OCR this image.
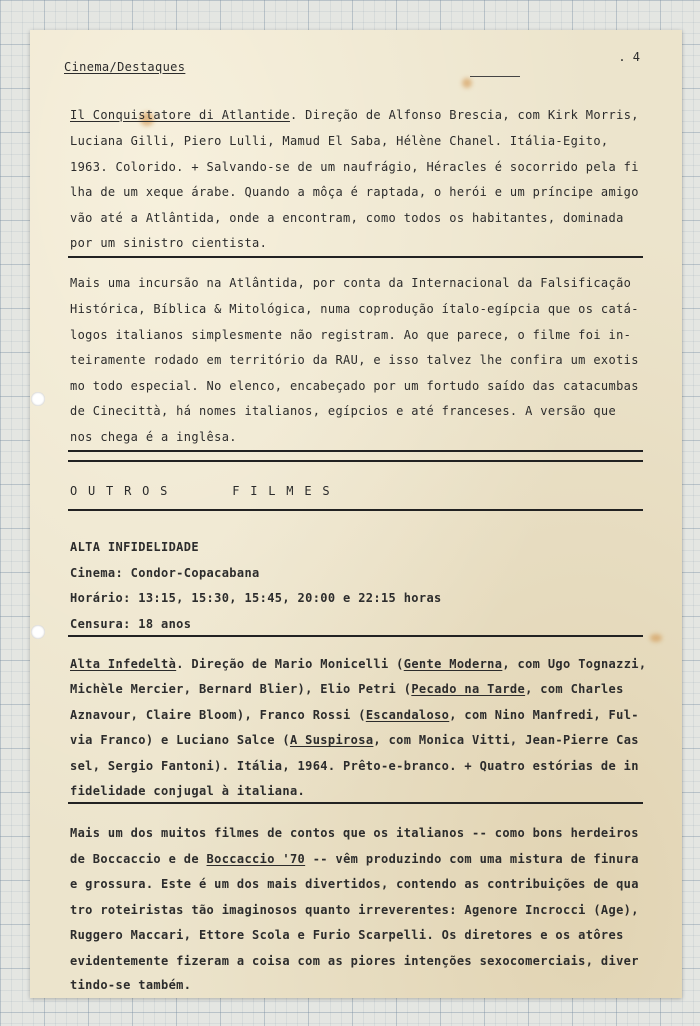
Cinema/Destaques
. 4
Il Conquistatore di Atlantide. Direção de Alfonso Brescia, com Kirk Morris,
Luciana Gilli, Piero Lulli, Mamud El Saba, Hélène Chanel. Itália-Egito,
1963. Colorido. + Salvando-se de um naufrágio, Héracles é socorrido pela fi
lha de um xeque árabe. Quando a môça é raptada, o herói e um príncipe amigo
vão até a Atlântida, onde a encontram, como todos os habitantes, dominada
por um sinistro cientista.
Mais uma incursão na Atlântida, por conta da Internacional da Falsificação
Histórica, Bíblica & Mitológica, numa coprodução ítalo-egípcia que os catá-
logos italianos simplesmente não registram. Ao que parece, o filme foi in-
teiramente rodado em território da RAU, e isso talvez lhe confira um exotis
mo todo especial. No elenco, encabeçado por um fortudo saído das catacumbas
de Cinecittà, há nomes italianos, egípcios e até franceses. A versão que
nos chega é a inglêsa.
OUTROS   FILMES
ALTA INFIDELIDADE
Cinema: Condor-Copacabana
Horário: 13:15, 15:30, 15:45, 20:00 e 22:15 horas
Censura: 18 anos
Alta Infedeltà. Direção de Mario Monicelli (Gente Moderna, com Ugo Tognazzi,
Michèle Mercier, Bernard Blier), Elio Petri (Pecado na Tarde, com Charles
Aznavour, Claire Bloom), Franco Rossi (Escandaloso, com Nino Manfredi, Ful-
via Franco) e Luciano Salce (A Suspirosa, com Monica Vitti, Jean-Pierre Cas
sel, Sergio Fantoni). Itália, 1964. Prêto-e-branco. + Quatro estórias de in
fidelidade conjugal à italiana.
Mais um dos muitos filmes de contos que os italianos -- como bons herdeiros
de Boccaccio e de Boccaccio '70 -- vêm produzindo com uma mistura de finura
e grossura. Este é um dos mais divertidos, contendo as contribuições de qua
tro roteiristas tão imaginosos quanto irreverentes: Agenore Incrocci (Age),
Ruggero Maccari, Ettore Scola e Furio Scarpelli. Os diretores e os atôres
evidentemente fizeram a coisa com as piores intenções sexocomerciais, diver
tindo-se também.
